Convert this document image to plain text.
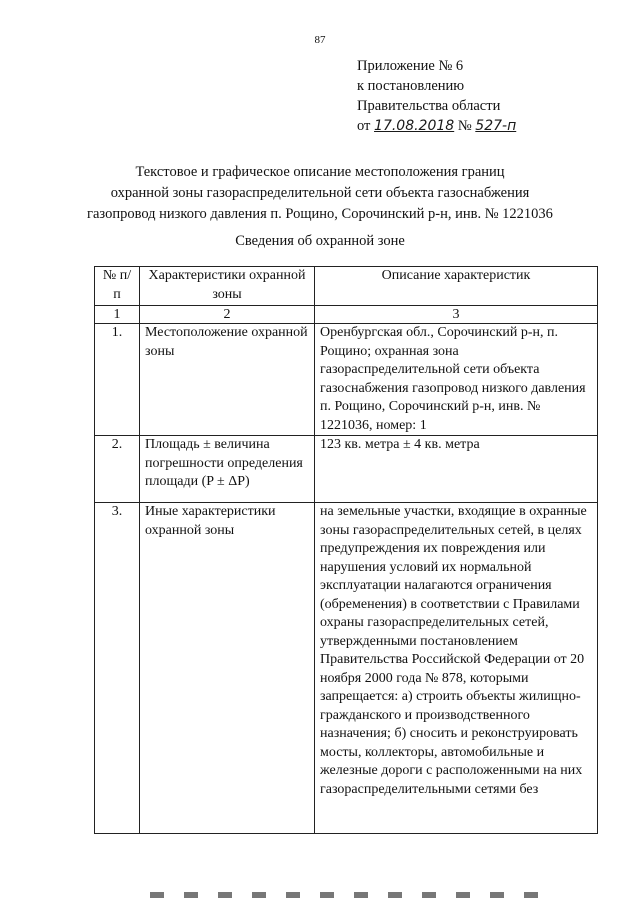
87
Приложение № 6
к постановлению
Правительства области
от 17.08.2018 № 527-п
Текстовое и графическое описание местоположения границ
охранной зоны газораспределительной сети объекта газоснабжения
газопровод низкого давления п. Рощино, Сорочинский р-н, инв. № 1221036
Сведения об охранной зоне
№ п/п	Характеристики охранной зоны	Описание характеристик
1	2	3
1.	Местоположение охранной зоны	Оренбургская обл., Сорочинский р-н, п. Рощино; охранная зона газораспределительной сети объекта газоснабжения газопровод низкого давления п. Рощино, Сорочинский р-н, инв. № 1221036, номер: 1
2.	Площадь ± величина погрешности определения площади (P ± ΔP)	123 кв. метра ± 4 кв. метра
3.	Иные характеристики охранной зоны	на земельные участки, входящие в охранные зоны газораспределительных сетей, в целях предупреждения их повреждения или нарушения условий их нормальной эксплуатации налагаются ограничения (обременения) в соответствии с Правилами охраны газораспределительных сетей, утвержденными постановлением Правительства Российской Федерации от 20 ноября 2000 года № 878, которыми запрещается: а) строить объекты жилищно-гражданского и производственного назначения; б) сносить и реконструировать мосты, коллекторы, автомобильные и железные дороги с расположенными на них газораспределительными сетями без
